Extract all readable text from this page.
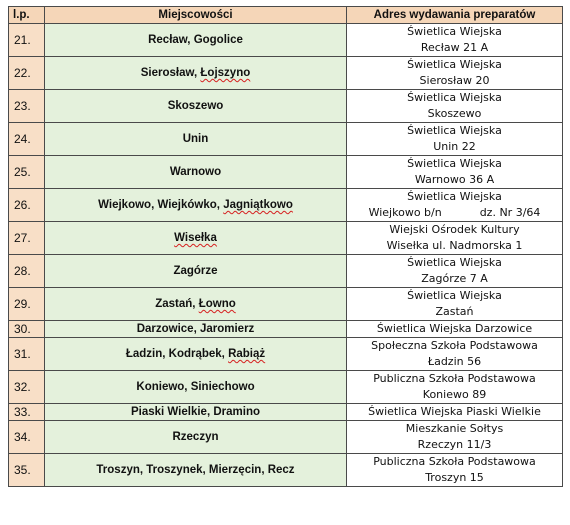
l.p.	Miejscowości	Adres wydawania preparatów
21.	Recław, Gogolice	Świetlica Wiejska
Recław 21 A

22.	Sierosław, Łojszyno	Świetlica Wiejska
Sierosław 20

23.	Skoszewo	Świetlica Wiejska
Skoszewo

24.	Unin	Świetlica Wiejska
Unin 22

25.	Warnowo	Świetlica Wiejska
Warnowo 36 A

26.	Wiejkowo, Wiejkówko, Jagniątkowo	Świetlica Wiejska
Wiejkowo b/n dz. Nr 3/64

27.	Wisełka	Wiejski Ośrodek Kultury
Wisełka ul. Nadmorska 1

28.	Zagórze	Świetlica Wiejska
Zagórze 7 A

29.	Zastań, Łowno	Świetlica Wiejska
Zastań

30.	Darzowice, Jaromierz	Świetlica Wiejska Darzowice

31.	Ładzin, Kodrąbek, Rabiąż	Społeczna Szkoła Podstawowa
Ładzin 56

32.	Koniewo, Siniechowo	Publiczna Szkoła Podstawowa
Koniewo 89

33.	Piaski Wielkie, Dramino	Świetlica Wiejska Piaski Wielkie

34.	Rzeczyn	Mieszkanie Sołtys
Rzeczyn 11/3

35.	Troszyn, Troszynek, Mierzęcin, Recz	Publiczna Szkoła Podstawowa
Troszyn 15
